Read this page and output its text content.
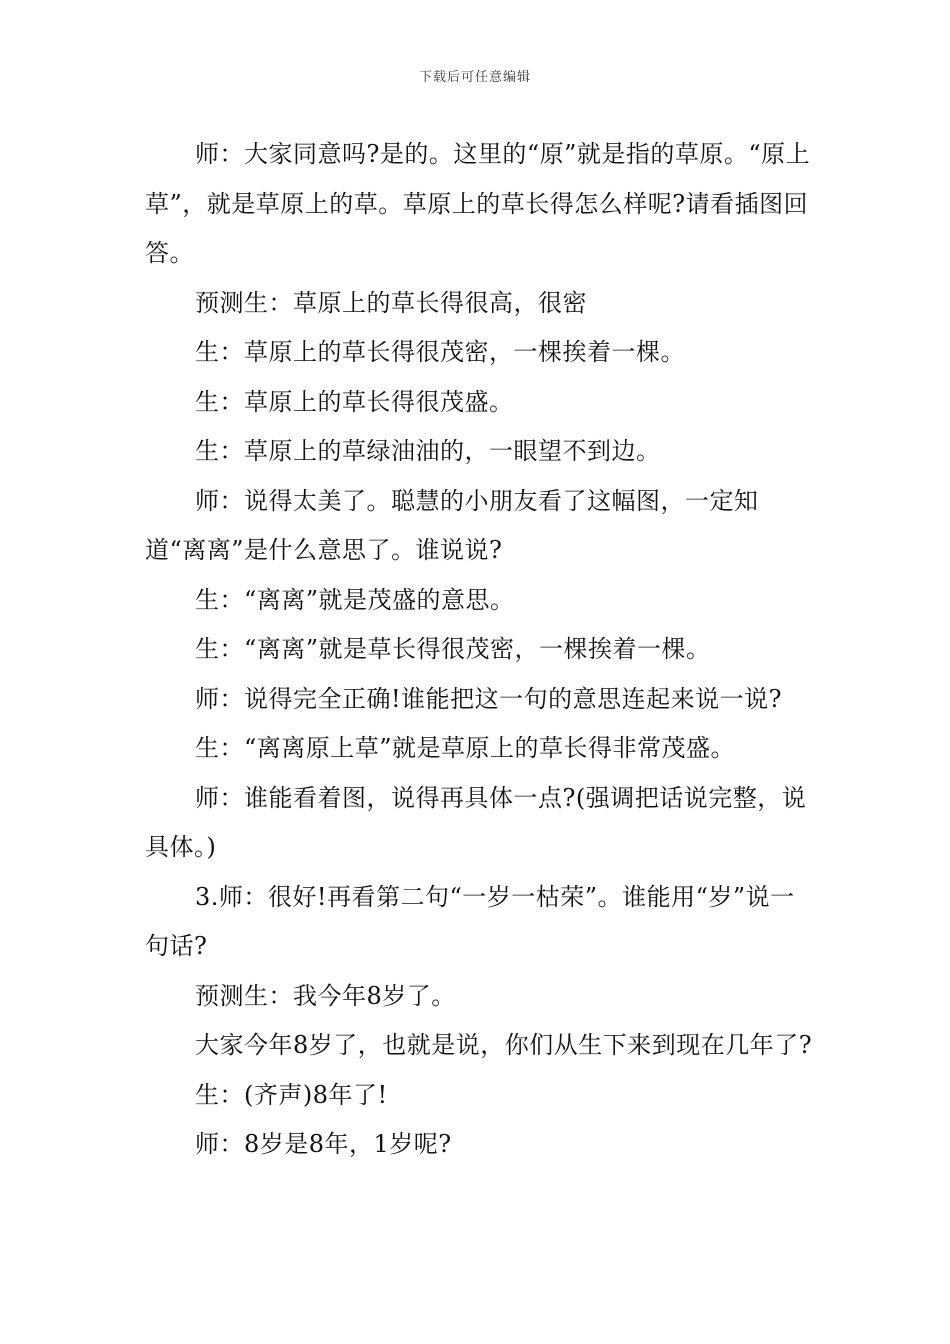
下载后可任意编辑

师：大家同意吗?是的。这里的“原”就是指的草原。“原上草”，就是草原上的草。草原上的草长得怎么样呢?请看插图回答。

预测生：草原上的草长得很高，很密

生：草原上的草长得很茂密，一棵挨着一棵。

生：草原上的草长得很茂盛。

生：草原上的草绿油油的，一眼望不到边。

师：说得太美了。聪慧的小朋友看了这幅图，一定知道“离离”是什么意思了。谁说说?

生：“离离”就是茂盛的意思。

生：“离离”就是草长得很茂密，一棵挨着一棵。

师：说得完全正确!谁能把这一句的意思连起来说一说?

生：“离离原上草”就是草原上的草长得非常茂盛。

师：谁能看着图，说得再具体一点?(强调把话说完整，说具体。)

3.师：很好!再看第二句“一岁一枯荣”。谁能用“岁”说一句话?

预测生：我今年8岁了。

大家今年8岁了，也就是说，你们从生下来到现在几年了?

生：(齐声)8年了!

师：8岁是8年，1岁呢?
